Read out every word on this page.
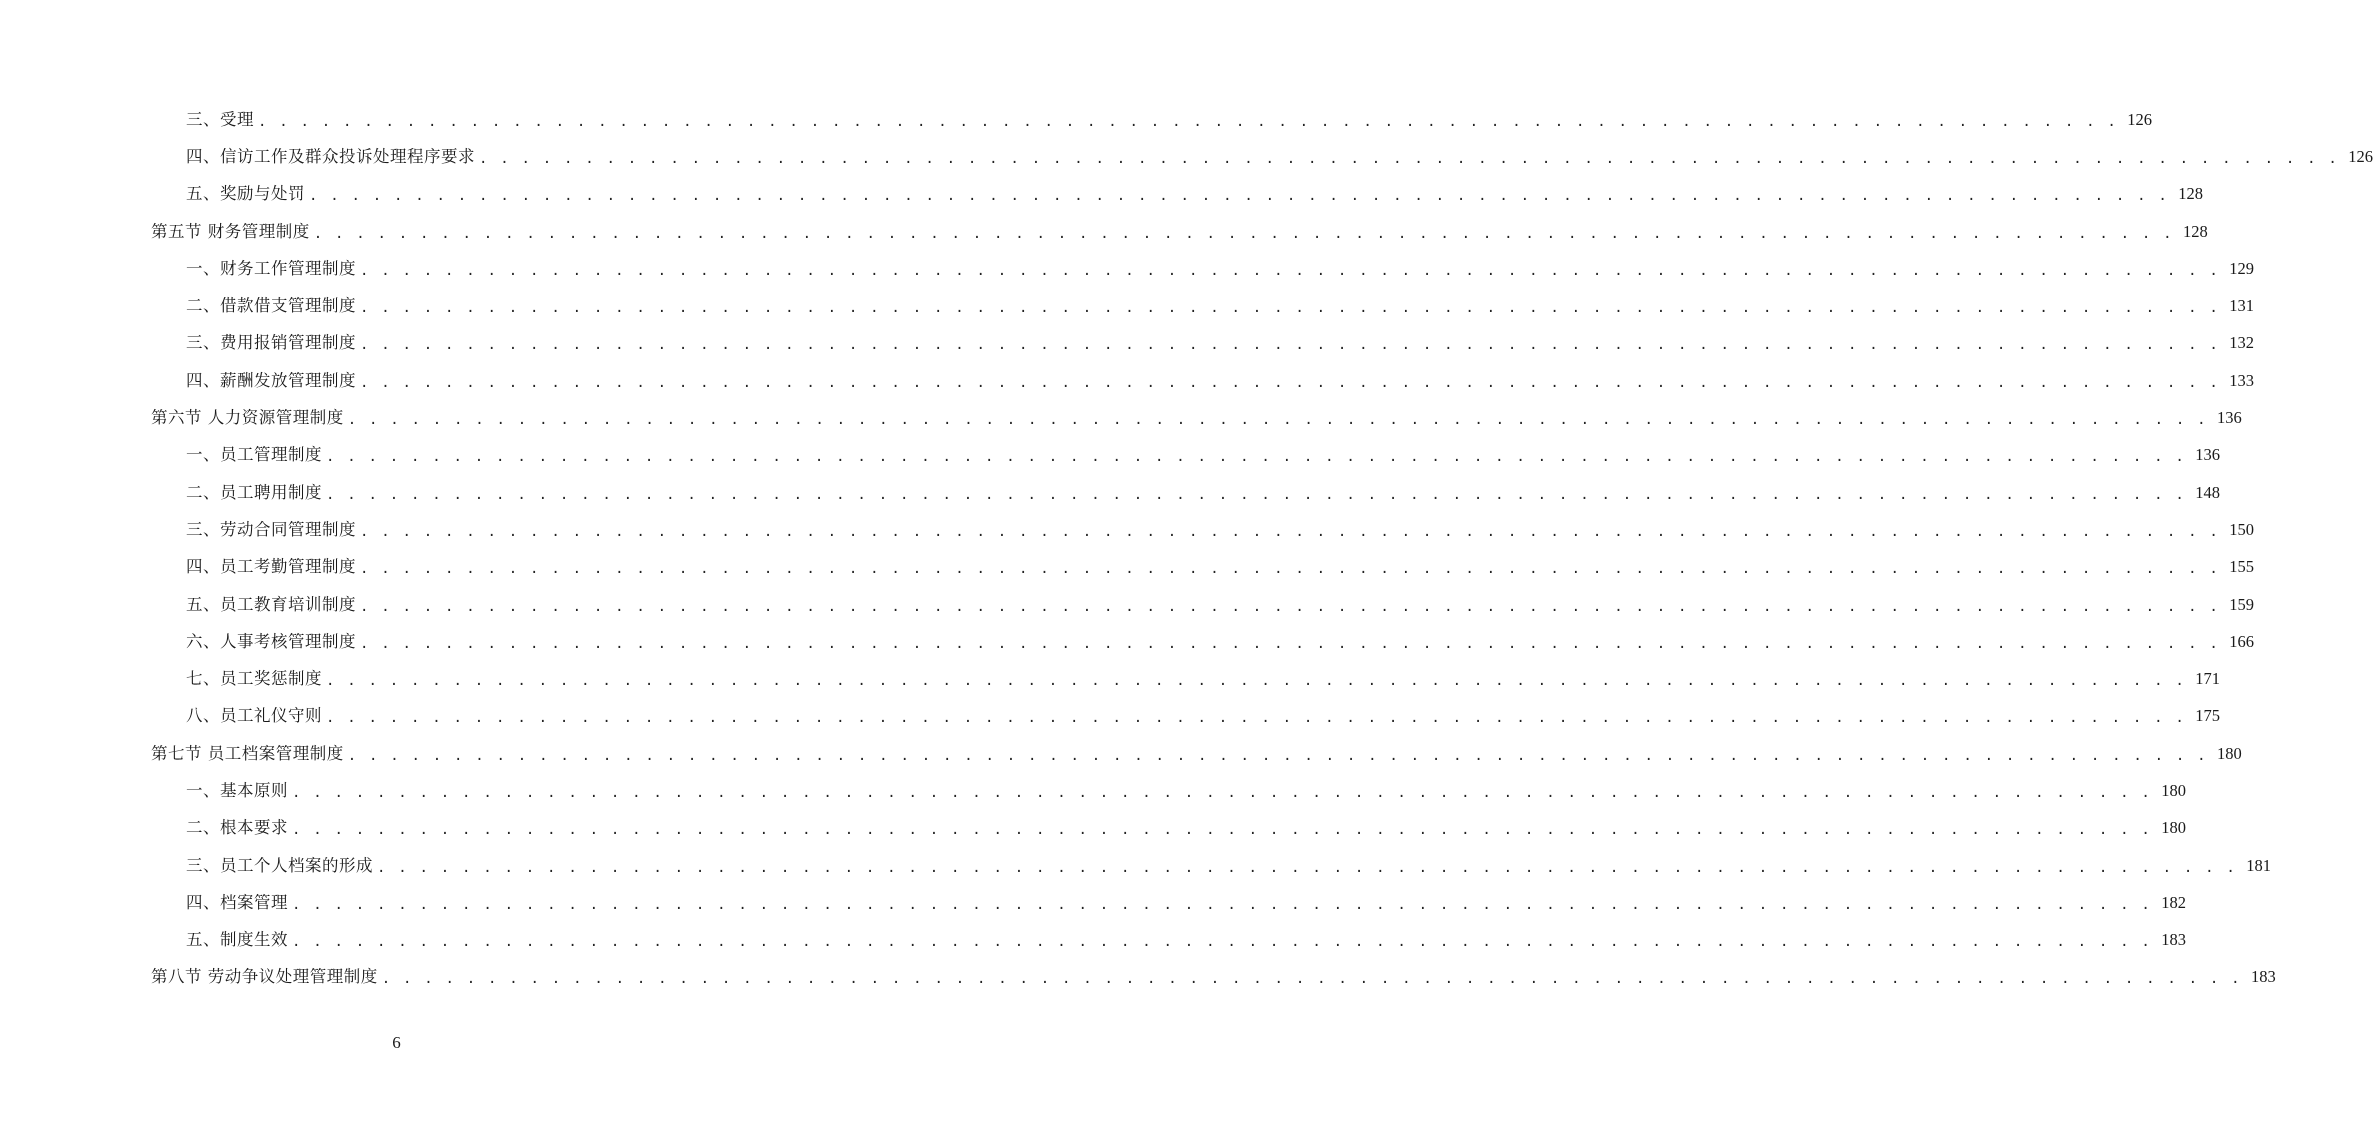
三、受理 . . . . . . . . . . . . . . . . . . . . . . . . . . . . . . . . . . . . . . . . . . . . . . . . . . . . . . . . . . . . . . . . . . . . . . . . . . . . . . . . . . . . . . . . 126
四、信访工作及群众投诉处理程序要求 . . . . . . . . . . . . . . . . . . . . . . . . . . . . . . . . . . . . . . . . . . . . . . . . . . . . . . . . . . . . . . . . . . . . . . . . . . . . . . . . . . . . . . . . 126
五、奖励与处罚 . . . . . . . . . . . . . . . . . . . . . . . . . . . . . . . . . . . . . . . . . . . . . . . . . . . . . . . . . . . . . . . . . . . . . . . . . . . . . . . . . . . . . . . . 128
第五节 财务管理制度 . . . . . . . . . . . . . . . . . . . . . . . . . . . . . . . . . . . . . . . . . . . . . . . . . . . . . . . . . . . . . . . . . . . . . . . . . . . . . . . . . . . . . . . . 128
一、财务工作管理制度 . . . . . . . . . . . . . . . . . . . . . . . . . . . . . . . . . . . . . . . . . . . . . . . . . . . . . . . . . . . . . . . . . . . . . . . . . . . . . . . . . . . . . . . . 129
二、借款借支管理制度 . . . . . . . . . . . . . . . . . . . . . . . . . . . . . . . . . . . . . . . . . . . . . . . . . . . . . . . . . . . . . . . . . . . . . . . . . . . . . . . . . . . . . . . . 131
三、费用报销管理制度 . . . . . . . . . . . . . . . . . . . . . . . . . . . . . . . . . . . . . . . . . . . . . . . . . . . . . . . . . . . . . . . . . . . . . . . . . . . . . . . . . . . . . . . . 132
四、薪酬发放管理制度 . . . . . . . . . . . . . . . . . . . . . . . . . . . . . . . . . . . . . . . . . . . . . . . . . . . . . . . . . . . . . . . . . . . . . . . . . . . . . . . . . . . . . . . . 133
第六节 人力资源管理制度 . . . . . . . . . . . . . . . . . . . . . . . . . . . . . . . . . . . . . . . . . . . . . . . . . . . . . . . . . . . . . . . . . . . . . . . . . . . . . . . . . . . . . . . . 136
一、员工管理制度 . . . . . . . . . . . . . . . . . . . . . . . . . . . . . . . . . . . . . . . . . . . . . . . . . . . . . . . . . . . . . . . . . . . . . . . . . . . . . . . . . . . . . . . . 136
二、员工聘用制度 . . . . . . . . . . . . . . . . . . . . . . . . . . . . . . . . . . . . . . . . . . . . . . . . . . . . . . . . . . . . . . . . . . . . . . . . . . . . . . . . . . . . . . . . 148
三、劳动合同管理制度 . . . . . . . . . . . . . . . . . . . . . . . . . . . . . . . . . . . . . . . . . . . . . . . . . . . . . . . . . . . . . . . . . . . . . . . . . . . . . . . . . . . . . . . . 150
四、员工考勤管理制度 . . . . . . . . . . . . . . . . . . . . . . . . . . . . . . . . . . . . . . . . . . . . . . . . . . . . . . . . . . . . . . . . . . . . . . . . . . . . . . . . . . . . . . . . 155
五、员工教育培训制度 . . . . . . . . . . . . . . . . . . . . . . . . . . . . . . . . . . . . . . . . . . . . . . . . . . . . . . . . . . . . . . . . . . . . . . . . . . . . . . . . . . . . . . . . 159
六、人事考核管理制度 . . . . . . . . . . . . . . . . . . . . . . . . . . . . . . . . . . . . . . . . . . . . . . . . . . . . . . . . . . . . . . . . . . . . . . . . . . . . . . . . . . . . . . . . 166
七、员工奖惩制度 . . . . . . . . . . . . . . . . . . . . . . . . . . . . . . . . . . . . . . . . . . . . . . . . . . . . . . . . . . . . . . . . . . . . . . . . . . . . . . . . . . . . . . . . 171
八、员工礼仪守则 . . . . . . . . . . . . . . . . . . . . . . . . . . . . . . . . . . . . . . . . . . . . . . . . . . . . . . . . . . . . . . . . . . . . . . . . . . . . . . . . . . . . . . . . 175
第七节 员工档案管理制度 . . . . . . . . . . . . . . . . . . . . . . . . . . . . . . . . . . . . . . . . . . . . . . . . . . . . . . . . . . . . . . . . . . . . . . . . . . . . . . . . . . . . . . . . 180
一、基本原则 . . . . . . . . . . . . . . . . . . . . . . . . . . . . . . . . . . . . . . . . . . . . . . . . . . . . . . . . . . . . . . . . . . . . . . . . . . . . . . . . . . . . . . . . 180
二、根本要求 . . . . . . . . . . . . . . . . . . . . . . . . . . . . . . . . . . . . . . . . . . . . . . . . . . . . . . . . . . . . . . . . . . . . . . . . . . . . . . . . . . . . . . . . 180
三、员工个人档案的形成 . . . . . . . . . . . . . . . . . . . . . . . . . . . . . . . . . . . . . . . . . . . . . . . . . . . . . . . . . . . . . . . . . . . . . . . . . . . . . . . . . . . . . . . . 181
四、档案管理 . . . . . . . . . . . . . . . . . . . . . . . . . . . . . . . . . . . . . . . . . . . . . . . . . . . . . . . . . . . . . . . . . . . . . . . . . . . . . . . . . . . . . . . . 182
五、制度生效 . . . . . . . . . . . . . . . . . . . . . . . . . . . . . . . . . . . . . . . . . . . . . . . . . . . . . . . . . . . . . . . . . . . . . . . . . . . . . . . . . . . . . . . . 183
第八节 劳动争议处理管理制度 . . . . . . . . . . . . . . . . . . . . . . . . . . . . . . . . . . . . . . . . . . . . . . . . . . . . . . . . . . . . . . . . . . . . . . . . . . . . . . . . . . . . . . . . 183
6
